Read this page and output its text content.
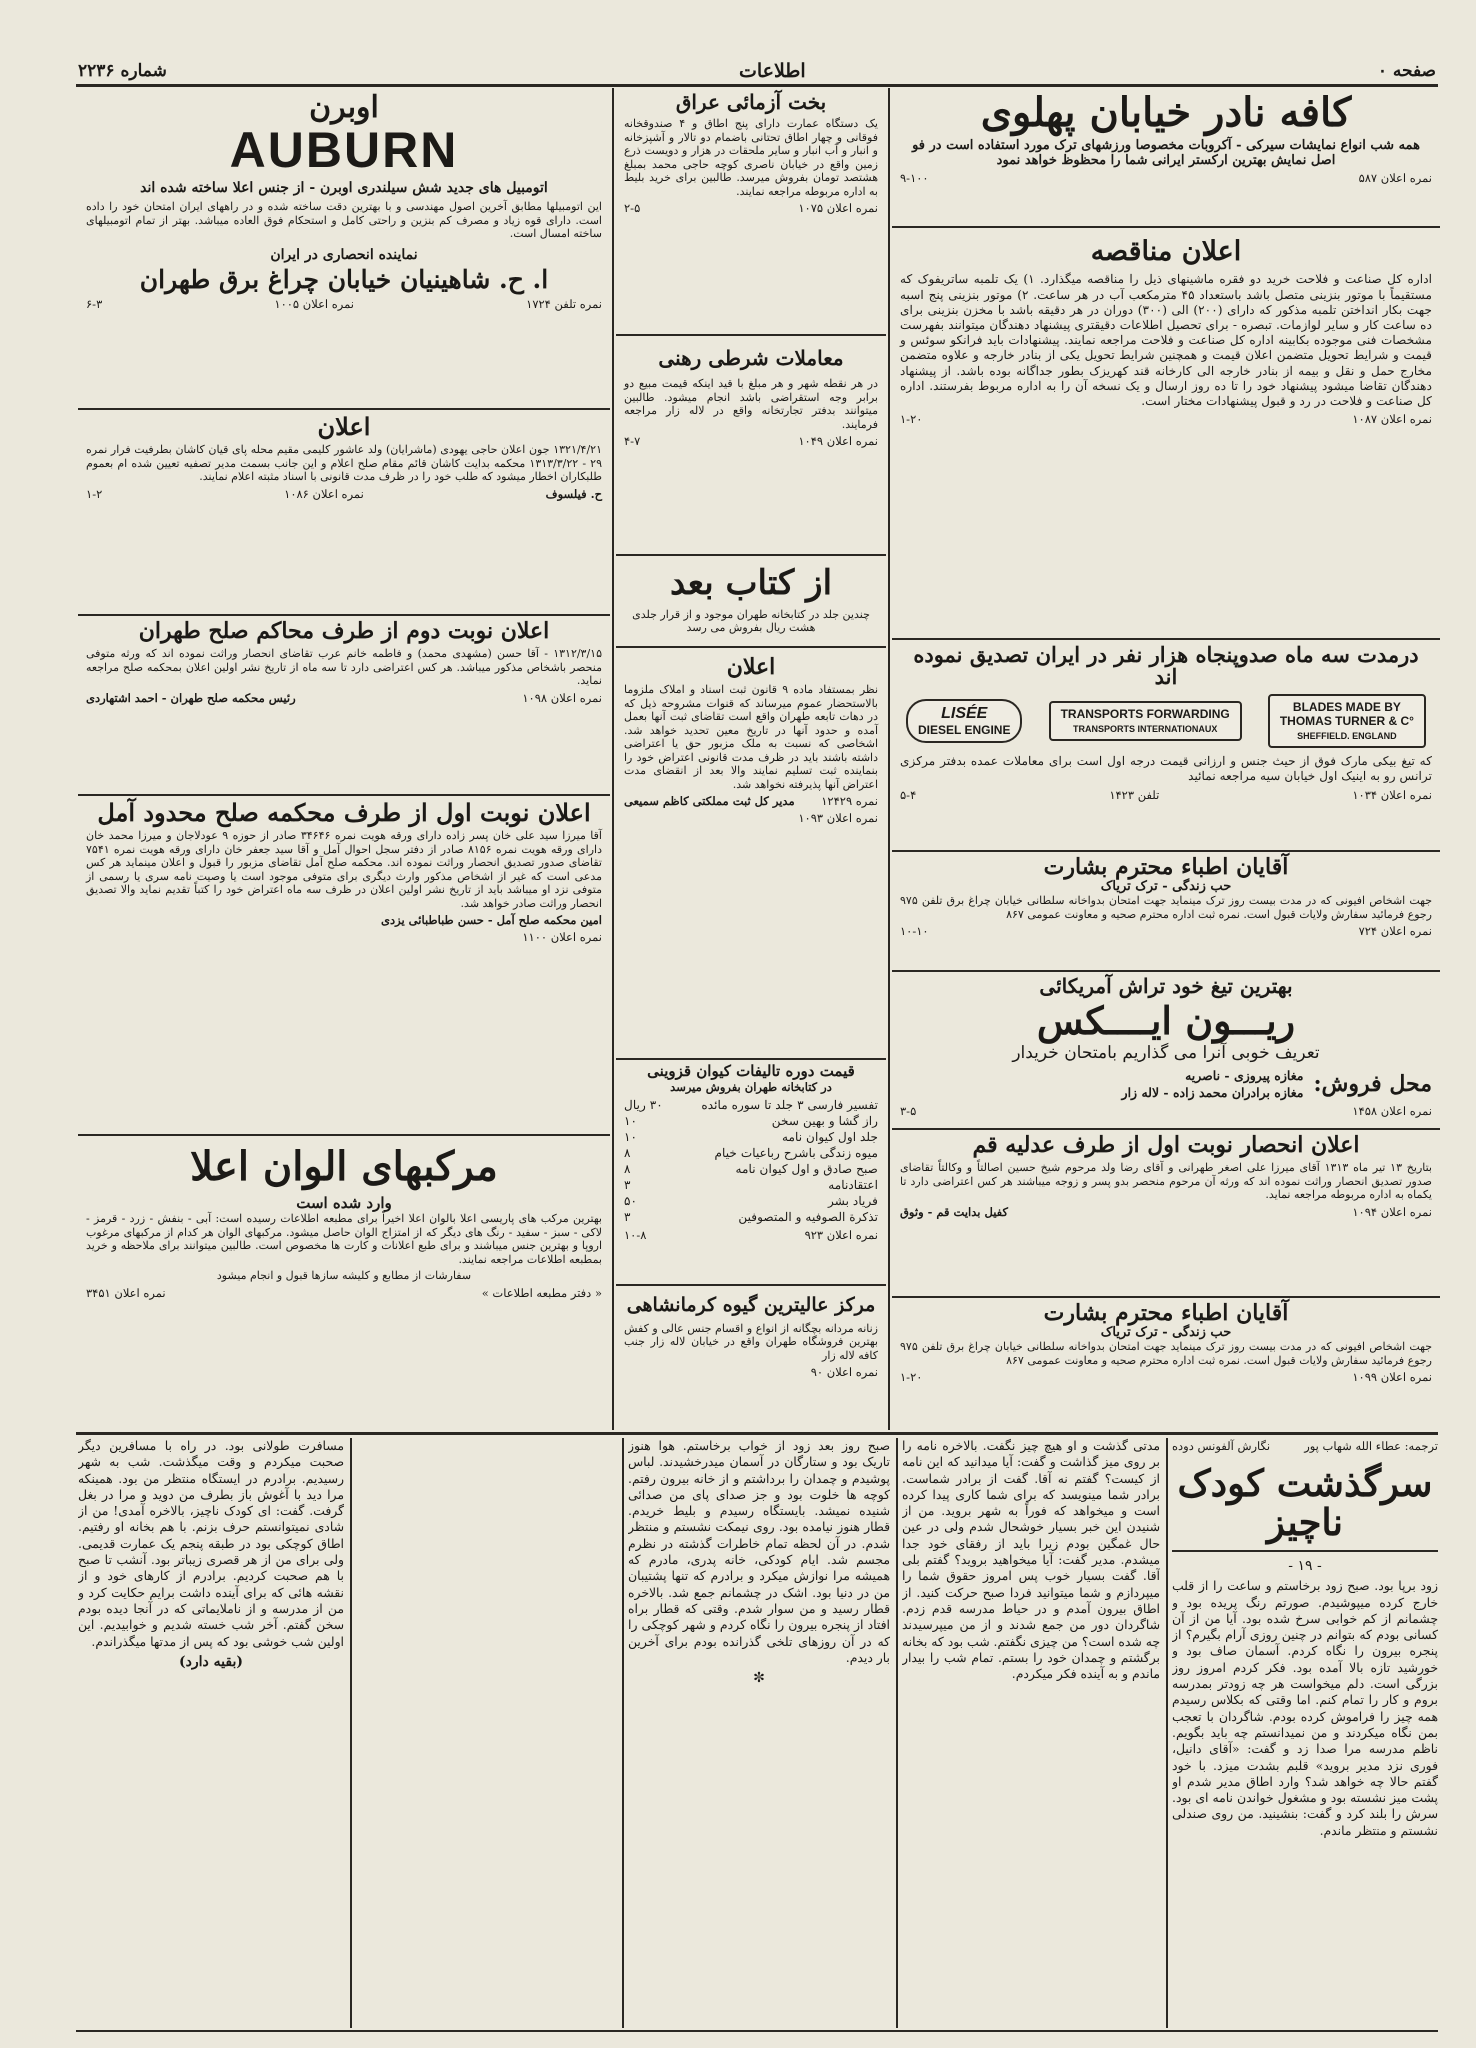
صفحه ۰
اطلاعات
شماره ۲۲۳۶
کافه نادر خیابان پهلوی
همه شب انواع نمایشات سیرکی - آکروبات مخصوصا ورزشهای ترک مورد استفاده است در فو اصل نمایش بهترین ارکستر ایرانی شما را محظوظ خواهد نمود
نمره اعلان ۵۸۷
۹-۱۰۰
اعلان مناقصه
اداره کل صناعت و فلاحت خرید دو فقره ماشینهای ذیل را مناقصه میگذارد. ۱) یک تلمبه ساتریفوک که مستقیماً با موتور بنزینی متصل باشد باستعداد ۴۵ مترمکعب آب در هر ساعت. ۲) موتور بنزینی پنج اسبه جهت بکار انداختن تلمبه مذکور که دارای (۲۰۰) الی (۳۰۰) دوران در هر دقیقه باشد با مخزن بنزینی برای ده ساعت کار و سایر لوازمات. تبصره - برای تحصیل اطلاعات دقیقتری پیشنهاد دهندگان میتوانند بفهرست مشخصات فنی موجوده بکابینه اداره کل صناعت و فلاحت مراجعه نمایند. پیشنهادات باید فرانکو سوئس و قیمت و شرایط تحویل متضمن اعلان قیمت و همچنین شرایط تحویل یکی از بنادر خارجه و علاوه متضمن مخارج حمل و نقل و بیمه از بنادر خارجه الی کارخانه قند کهریزک بطور جداگانه بوده باشد. از پیشنهاد دهندگان تقاضا میشود پیشنهاد خود را تا ده روز ارسال و یک نسخه آن را به اداره مربوط بفرستند. اداره کل صناعت و فلاحت در رد و قبول پیشنهادات مختار است.
نمره اعلان ۱۰۸۷
۱-۲۰
درمدت سه ماه صدوپنجاه هزار نفر در ایران تصدیق نموده اند
LISÉE
DIESEL ENGINE
TRANSPORTS FORWARDING
TRANSPORTS INTERNATIONAUX
BLADES MADE BY
THOMAS TURNER & C°
SHEFFIELD. ENGLAND
که تیغ بیکی مارک فوق از حیث جنس و ارزانی قیمت درجه اول است برای معاملات عمده بدفتر مرکزی ترانس رو به اینیک اول خیابان سیه مراجعه نمائید
نمره اعلان ۱۰۳۴
تلفن ۱۴۲۳
۵-۴
آقایان اطباء محترم بشارت
حب زندگی - ترک تریاک
جهت اشخاص افیونی که در مدت بیست روز ترک مینماید جهت امتحان بدواخانه سلطانی خیابان چراغ برق تلفن ۹۷۵ رجوع فرمائید سفارش ولایات قبول است. نمره ثبت اداره محترم صحیه و معاونت عمومی ۸۶۷
نمره اعلان ۷۲۴
۱۰-۱۰
بهترین تیغ خود تراش آمریکائی
ریـــون ایــــکس
تعریف خوبی آنرا می گذاریم بامتحان خریدار
محل فروش:
مغازه پیروزی - ناصریه
مغازه برادران محمد زاده - لاله زار
نمره اعلان ۱۴۵۸
۳-۵
اعلان انحصار نوبت اول از طرف عدلیه قم
بتاریخ ۱۳ تیر ماه ۱۳۱۳ آقای میرزا علی اصغر طهرانی و آقای رضا ولد مرحوم شیخ حسین اصالتاً و وکالتاً تقاضای صدور تصدیق انحصار وراثت نموده اند که ورثه آن مرحوم منحصر بدو پسر و زوجه میباشند هر کس اعتراضی دارد تا یکماه به اداره مربوطه مراجعه نماید.
نمره اعلان ۱۰۹۴
کفیل بدایت قم - وثوق
آقایان اطباء محترم بشارت
حب زندگی - ترک تریاک
جهت اشخاص افیونی که در مدت بیست روز ترک مینماید جهت امتحان بدواخانه سلطانی خیابان چراغ برق تلفن ۹۷۵ رجوع فرمائید سفارش ولایات قبول است. نمره ثبت اداره محترم صحیه و معاونت عمومی ۸۶۷
نمره اعلان ۱۰۹۹
۱-۲۰
بخت آزمائی عراق
یک دستگاه عمارت دارای پنج اطاق و ۴ صندوقخانه فوقانی و چهار اطاق تحتانی باضمام دو تالار و آشپزخانه و انبار و آب انبار و سایر ملحقات در هزار و دویست ذرع زمین واقع در خیابان ناصری کوچه حاجی محمد بمبلغ هشتصد تومان بفروش میرسد. طالبین برای خرید بلیط به اداره مربوطه مراجعه نمایند.
نمره اعلان ۱۰۷۵
۲-۵
معاملات شرطی رهنی
در هر نقطه شهر و هر مبلغ با قید اینکه قیمت مبیع دو برابر وجه استقراضی باشد انجام میشود. طالبین میتوانند بدفتر تجارتخانه واقع در لاله زار مراجعه فرمایند.
نمره اعلان ۱۰۴۹
۴-۷
از کتاب بعد
چندین جلد در کتابخانه طهران موجود و از قرار جلدی هشت ریال بفروش می رسد
اعلان
نظر بمستفاد ماده ۹ قانون ثبت اسناد و املاک ملزوما بالاستحضار عموم میرساند که قنوات مشروحه ذیل که در دهات تابعه طهران واقع است تقاضای ثبت آنها بعمل آمده و حدود آنها در تاریخ معین تحدید خواهد شد. اشخاصی که نسبت به ملک مزبور حق یا اعتراضی داشته باشند باید در ظرف مدت قانونی اعتراض خود را بنماینده ثبت تسلیم نمایند والا بعد از انقضای مدت اعتراض آنها پذیرفته نخواهد شد.
نمره ۱۲۴۲۹
مدیر کل ثبت مملکتی کاظم سمیعی
نمره اعلان ۱۰۹۳
قیمت دوره تالیفات کیوان قزوینی
در کتابخانه طهران بفروش میرسد
تفسیر فارسی ۳ جلد تا سوره مائده
۳۰ ریال
راز گشا و بهین سخن
۱۰
جلد اول کیوان نامه
۱۰
میوه زندگی باشرح رباعیات خیام
۸
صبح صادق و اول کیوان نامه
۸
اعتقادنامه
۳
فریاد بشر
۵۰
تذکرة الصوفیه و المتصوفین
۳
نمره اعلان ۹۲۳
۱۰-۸
مرکز عالیترین گیوه کرمانشاهی
زنانه مردانه بچگانه از انواع و اقسام جنس عالی و کفش بهترین فروشگاه طهران واقع در خیابان لاله زار جنب کافه لاله زار
نمره اعلان ۹۰
اوبرن
AUBURN
اتومبیل های جدید شش سیلندری اوبرن - از جنس اعلا ساخته شده اند
این اتومبیلها مطابق آخرین اصول مهندسی و با بهترین دقت ساخته شده و در راههای ایران امتحان خود را داده است. دارای قوه زیاد و مصرف کم بنزین و راحتی کامل و استحکام فوق العاده میباشد. بهتر از تمام اتومبیلهای ساخته امسال است.
نماینده انحصاری در ایران
ا. ح. شاهینیان خیابان چراغ برق طهران
نمره تلفن ۱۷۲۴
نمره اعلان ۱۰۰۵
۶-۳
اعلان
۱۳۲۱/۴/۲۱ جون اعلان حاجی یهودی (ماشرایان) ولد عاشور کلیمی مقیم محله پای قیان کاشان بطرفیت فرار نمره ۲۹ - ۱۳۱۳/۳/۲۲ محکمه بدایت کاشان قائم مقام صلح اعلام و این جانب بسمت مدیر تصفیه تعیین شده ام بعموم طلبکاران اخطار میشود که طلب خود را در ظرف مدت قانونی با اسناد مثبته اعلام نمایند.
ح. فیلسوف
نمره اعلان ۱۰۸۶
۱-۲
اعلان نوبت دوم از طرف محاکم صلح طهران
۱۳۱۲/۳/۱۵ - آقا حسن (مشهدی محمد) و فاطمه خانم عرب تقاضای انحصار وراثت نموده اند که ورثه متوفی منحصر باشخاص مذکور میباشد. هر کس اعتراضی دارد تا سه ماه از تاریخ نشر اولین اعلان بمحکمه صلح مراجعه نماید.
نمره اعلان ۱۰۹۸
رئیس محکمه صلح طهران - احمد اشتهاردی
اعلان نوبت اول از طرف محکمه صلح محدود آمل
آقا میرزا سید علی خان پسر زاده دارای ورقه هویت نمره ۳۴۶۴۶ صادر از حوزه ۹ عودلاجان و میرزا محمد خان دارای ورقه هویت نمره ۸۱۵۶ صادر از دفتر سجل احوال آمل و آقا سید جعفر خان دارای ورقه هویت نمره ۷۵۴۱ تقاضای صدور تصدیق انحصار وراثت نموده اند. محکمه صلح آمل تقاضای مزبور را قبول و اعلان مینماید هر کس مدعی است که غیر از اشخاص مذکور وارث دیگری برای متوفی موجود است یا وصیت نامه سری یا رسمی از متوفی نزد او میباشد باید از تاریخ نشر اولین اعلان در ظرف سه ماه اعتراض خود را کتباً تقدیم نماید والا تصدیق انحصار وراثت صادر خواهد شد.
امین محکمه صلح آمل - حسن طباطبائی یزدی
نمره اعلان ۱۱۰۰
مرکبهای الوان اعلا
وارد شده است
بهترین مرکب های پاریسی اعلا بالوان اعلا اخیراً برای مطبعه اطلاعات رسیده است: آبی - بنفش - زرد - قرمز - لاکی - سبز - سفید - رنگ های دیگر که از امتزاج الوان حاصل میشود. مرکبهای الوان هر کدام از مرکبهای مرغوب اروپا و بهترین جنس میباشند و برای طبع اعلانات و کارت ها مخصوص است. طالبین میتوانند برای ملاحظه و خرید بمطبعه اطلاعات مراجعه نمایند.
سفارشات از مطابع و کلیشه سازها قبول و انجام میشود
« دفتر مطبعه اطلاعات »
نمره اعلان ۳۴۵۱
ترجمه: عطاء الله شهاب پور
نگارش آلفونس دوده
سرگذشت کودک ناچیز
- ۱۹ -

زود برپا بود. صبح زود برخاستم و ساعت را از قلب خارج کرده میپوشیدم. صورتم رنگ پریده بود و چشمانم از کم خوابی سرخ شده بود. آیا من از آن کسانی بودم که بتوانم در چنین روزی آرام بگیرم؟ از پنجره بیرون را نگاه کردم. آسمان صاف بود و خورشید تازه بالا آمده بود. فکر کردم امروز روز بزرگی است. دلم میخواست هر چه زودتر بمدرسه بروم و کار را تمام کنم. اما وقتی که بکلاس رسیدم همه چیز را فراموش کرده بودم. شاگردان با تعجب بمن نگاه میکردند و من نمیدانستم چه باید بگویم. ناظم مدرسه مرا صدا زد و گفت: «آقای دانیل، فوری نزد مدیر بروید» قلبم بشدت میزد. با خود گفتم حالا چه خواهد شد؟ وارد اطاق مدیر شدم او پشت میز نشسته بود و مشغول خواندن نامه ای بود. سرش را بلند کرد و گفت: بنشینید. من روی صندلی نشستم و منتظر ماندم.

مدتی گذشت و او هیچ چیز نگفت. بالاخره نامه را بر روی میز گذاشت و گفت: آیا میدانید که این نامه از کیست؟ گفتم نه آقا. گفت از برادر شماست. برادر شما مینویسد که برای شما کاری پیدا کرده است و میخواهد که فوراً به شهر بروید. من از شنیدن این خبر بسیار خوشحال شدم ولی در عین حال غمگین بودم زیرا باید از رفقای خود جدا میشدم. مدیر گفت: آیا میخواهید بروید؟ گفتم بلی آقا. گفت بسیار خوب پس امروز حقوق شما را میپردازم و شما میتوانید فردا صبح حرکت کنید. از اطاق بیرون آمدم و در حیاط مدرسه قدم زدم. شاگردان دور من جمع شدند و از من میپرسیدند چه شده است؟ من چیزی نگفتم. شب بود که بخانه برگشتم و چمدان خود را بستم. تمام شب را بیدار ماندم و به آینده فکر میکردم.

صبح روز بعد زود از خواب برخاستم. هوا هنوز تاریک بود و ستارگان در آسمان میدرخشیدند. لباس پوشیدم و چمدان را برداشتم و از خانه بیرون رفتم. کوچه ها خلوت بود و جز صدای پای من صدائی شنیده نمیشد. بایستگاه رسیدم و بلیط خریدم. قطار هنوز نیامده بود. روی نیمکت نشستم و منتظر شدم. در آن لحظه تمام خاطرات گذشته در نظرم مجسم شد. ایام کودکی، خانه پدری، مادرم که همیشه مرا نوازش میکرد و برادرم که تنها پشتیبان من در دنیا بود. اشک در چشمانم جمع شد. بالاخره قطار رسید و من سوار شدم. وقتی که قطار براه افتاد از پنجره بیرون را نگاه کردم و شهر کوچکی را که در آن روزهای تلخی گذرانده بودم برای آخرین بار دیدم.

✼

مسافرت طولانی بود. در راه با مسافرین دیگر صحبت میکردم و وقت میگذشت. شب به شهر رسیدیم. برادرم در ایستگاه منتظر من بود. همینکه مرا دید با آغوش باز بطرف من دوید و مرا در بغل گرفت. گفت: ای کودک ناچیز، بالاخره آمدی! من از شادی نمیتوانستم حرف بزنم. با هم بخانه او رفتیم. اطاق کوچکی بود در طبقه پنجم یک عمارت قدیمی. ولی برای من از هر قصری زیباتر بود. آنشب تا صبح با هم صحبت کردیم. برادرم از کارهای خود و از نقشه هائی که برای آینده داشت برایم حکایت کرد و من از مدرسه و از ناملایماتی که در آنجا دیده بودم سخن گفتم. آخر شب خسته شدیم و خوابیدیم. این اولین شب خوشی بود که پس از مدتها میگذراندم.

(بقیه دارد)
